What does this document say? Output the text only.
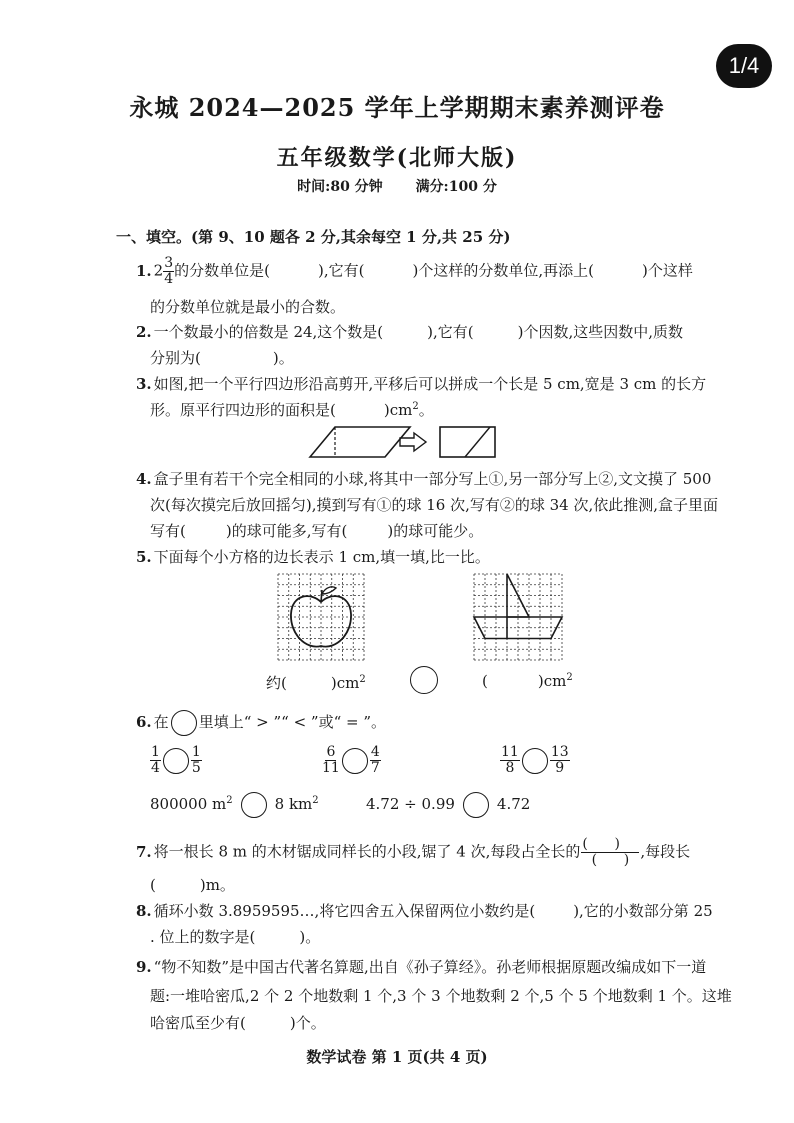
1/4
永城 2024—2025 学年上学期期末素养测评卷
五年级数学(北师大版)
时间:80 分钟 满分:100 分
一、填空。(第 9、10 题各 2 分,其余每空 1 分,共 25 分)
1. $2 \frac{3}{4}$ 的分数单位是(	),它有(	)个这样的分数单位,再添上(	)个这样
的分数单位就是最小的合数。
2. 一个数最小的倍数是 24,这个数是(	),它有(	)个因数,这些因数中,质数
分别为(	)。
3. 如图,把一个平行四边形沿高剪开,平移后可以拼成一个长是 5 cm,宽是 3 cm 的长方
形。原平行四边形的面积是(	)$cm^2$。
4. 盒子里有若干个完全相同的小球,将其中一部分写上①,另一部分写上②,文文摸了 500
次(每次摸完后放回摇匀),摸到写有①的球 16 次,写有②的球 34 次,依此推测,盒子里面
写有(	)的球可能多,写有(	)的球可能少。
5. 下面每个小方格的边长表示 1 cm,填一填,比一比。
约(	)$cm^2$	(	)$cm^2$
6. 在 里填上“ > ”“ < ”或“ = ”。
$\frac{1}{4} \frac{1}{5}$	$\frac{6}{11} \frac{4}{7}$	$\frac{11}{8} \frac{13}{9}$
800000 $m^2$	8 $km^2$	4.72 ÷ 0.99	4.72
7. 将一根长 8 m 的木材锯成同样长的小段,锯了 4 次,每段占全长的 $\frac{( )}{( )}$ ,每段长
(	)m。
8. 循环小数 3.8959595…,将它四舍五入保留两位小数约是(	),它的小数部分第 25
. 位上的数字是(	)。
9. “物不知数”是中国古代著名算题,出自《孙子算经》。孙老师根据原题改编成如下一道
题:一堆哈密瓜,2 个 2 个地数剩 1 个,3 个 3 个地数剩 2 个,5 个 5 个地数剩 1 个。这堆
哈密瓜至少有(	)个。
数学试卷 第 1 页(共 4 页)
